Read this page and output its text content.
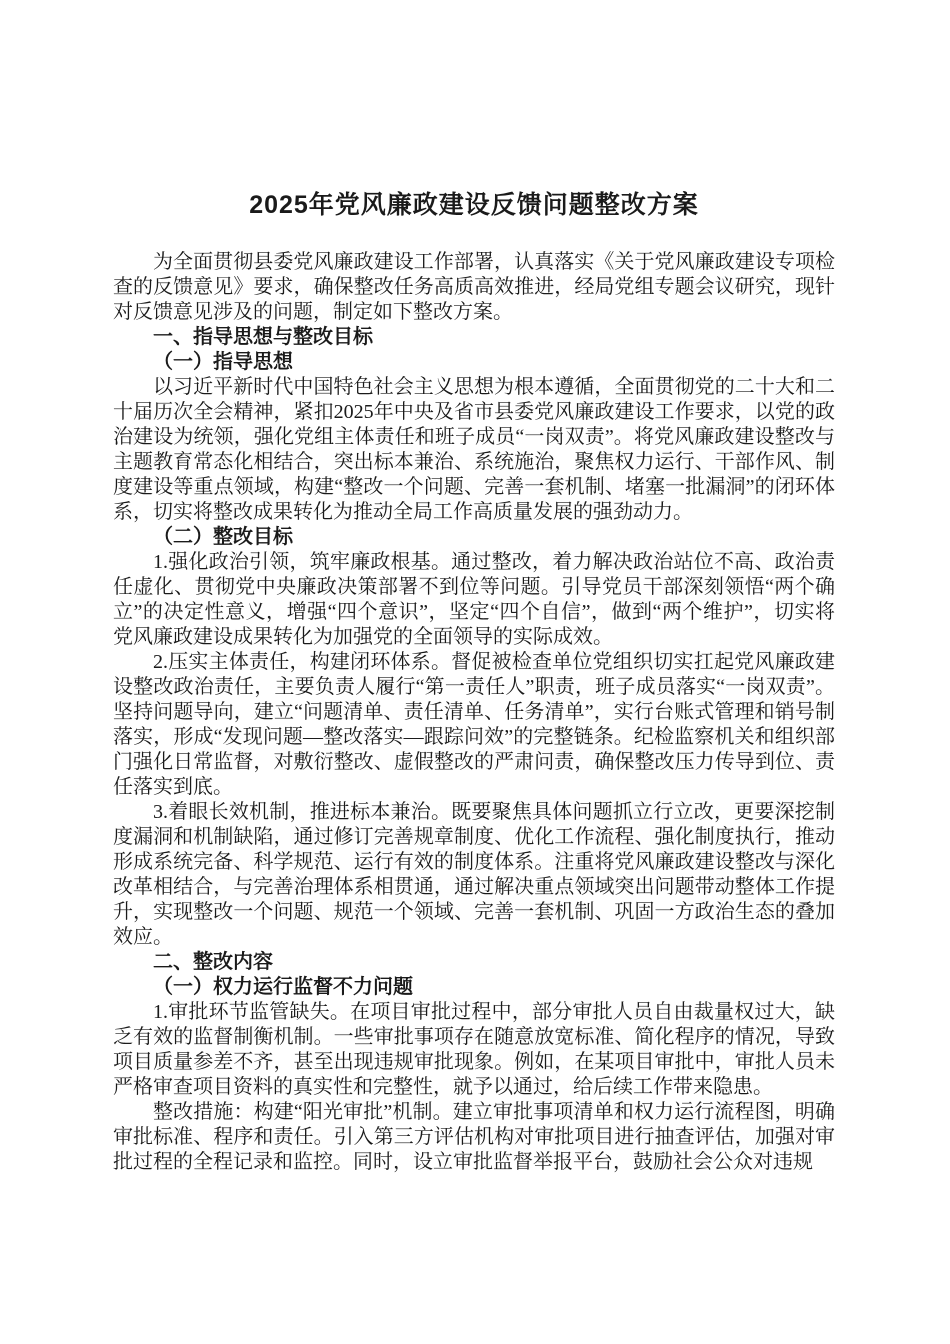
2025年党风廉政建设反馈问题整改方案

为全面贯彻县委党风廉政建设工作部署，认真落实《关于党风廉政建设专项检查的反馈意见》要求，确保整改任务高质高效推进，经局党组专题会议研究，现针对反馈意见涉及的问题，制定如下整改方案。

一、指导思想与整改目标

（一）指导思想

以习近平新时代中国特色社会主义思想为根本遵循，全面贯彻党的二十大和二十届历次全会精神，紧扣2025年中央及省市县委党风廉政建设工作要求，以党的政治建设为统领，强化党组主体责任和班子成员“一岗双责”。将党风廉政建设整改与主题教育常态化相结合，突出标本兼治、系统施治，聚焦权力运行、干部作风、制度建设等重点领域，构建“整改一个问题、完善一套机制、堵塞一批漏洞”的闭环体系，切实将整改成果转化为推动全局工作高质量发展的强劲动力。

（二）整改目标

1.强化政治引领，筑牢廉政根基。通过整改，着力解决政治站位不高、政治责任虚化、贯彻党中央廉政决策部署不到位等问题。引导党员干部深刻领悟“两个确立”的决定性意义，增强“四个意识”，坚定“四个自信”，做到“两个维护”，切实将党风廉政建设成果转化为加强党的全面领导的实际成效。

2.压实主体责任，构建闭环体系。督促被检查单位党组织切实扛起党风廉政建设整改政治责任，主要负责人履行“第一责任人”职责，班子成员落实“一岗双责”。坚持问题导向，建立“问题清单、责任清单、任务清单”，实行台账式管理和销号制落实，形成“发现问题—整改落实—跟踪问效”的完整链条。纪检监察机关和组织部门强化日常监督，对敷衍整改、虚假整改的严肃问责，确保整改压力传导到位、责任落实到底。

3.着眼长效机制，推进标本兼治。既要聚焦具体问题抓立行立改，更要深挖制度漏洞和机制缺陷，通过修订完善规章制度、优化工作流程、强化制度执行，推动形成系统完备、科学规范、运行有效的制度体系。注重将党风廉政建设整改与深化改革相结合，与完善治理体系相贯通，通过解决重点领域突出问题带动整体工作提升，实现整改一个问题、规范一个领域、完善一套机制、巩固一方政治生态的叠加效应。

二、整改内容

（一）权力运行监督不力问题

1.审批环节监管缺失。在项目审批过程中，部分审批人员自由裁量权过大，缺乏有效的监督制衡机制。一些审批事项存在随意放宽标准、简化程序的情况，导致项目质量参差不齐，甚至出现违规审批现象。例如，在某项目审批中，审批人员未严格审查项目资料的真实性和完整性，就予以通过，给后续工作带来隐患。

整改措施：构建“阳光审批”机制。建立审批事项清单和权力运行流程图，明确审批标准、程序和责任。引入第三方评估机构对审批项目进行抽查评估，加强对审批过程的全程记录和监控。同时，设立审批监督举报平台，鼓励社会公众对违规
